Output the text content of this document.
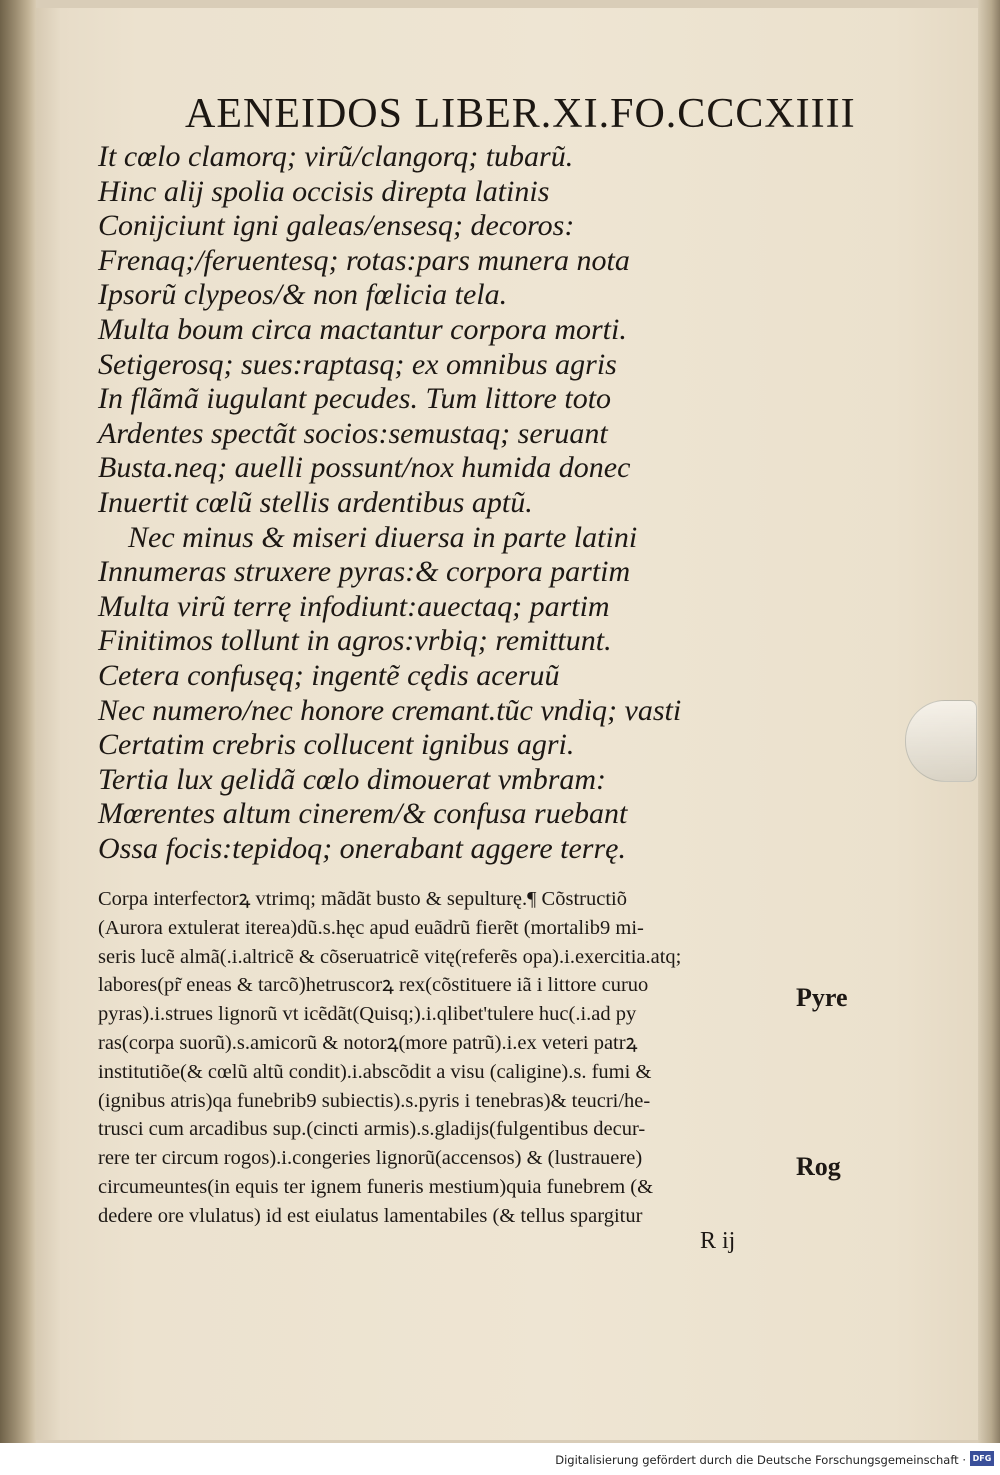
AENEIDOS LIBER.XI.FO.CCCXIIII
It cœlo clamorq; virũ/clangorq; tubarũ.
Hinc alij spolia occisis direpta latinis
Conijciunt igni galeas/ensesq; decoros:
Frenaq;/feruentesq; rotas:pars munera nota
Ipsorũ clypeos/& non fœlicia tela.
Multa boum circa mactantur corpora morti.
Setigerosq; sues:raptasq; ex omnibus agris
In flãmã iugulant pecudes. Tum littore toto
Ardentes spectãt socios:semustaq; seruant
Busta.neq; auelli possunt/nox humida donec
Inuertit cœlũ stellis ardentibus aptũ.
Nec minus & miseri diuersa in parte latini
Innumeras struxere pyras:& corpora partim
Multa virũ terrę infodiunt:auectaq; partim
Finitimos tollunt in agros:vrbiq; remittunt.
Cetera confusęq; ingentẽ cędis aceruũ
Nec numero/nec honore cremant.tũc vndiq; vasti
Certatim crebris collucent ignibus agri.
Tertia lux gelidã cœlo dimouerat vmbram:
Mœrentes altum cinerem/& confusa ruebant
Ossa focis:tepidoq; onerabant aggere terrę.
Corpa interfectorꝝ vtrimq; mãdãt busto & sepulturę.¶ Cõstructiõ
(Aurora extulerat iterea)dũ.s.hęc apud euãdrũ fierẽt (mortalib9 mi-
seris lucẽ almã(.i.altricẽ & cõseruatricẽ vitę(referẽs opa).i.exercitia.atq;
labores(pr̃ eneas & tarcõ)hetruscorꝝ rex(cõstituere iã i littore curuo
pyras).i.strues lignorũ vt icẽdãt(Quisq;).i.qlibet'tulere huc(.i.ad py
ras(corpa suorũ).s.amicorũ & notorꝝ(more patrũ).i.ex veteri patrꝝ
institutiõe(& cœlũ altũ condit).i.abscõdit a visu (caligine).s. fumi &
(ignibus atris)qa funebrib9 subiectis).s.pyris i tenebras)& teucri/he-
trusci cum arcadibus sup.(cincti armis).s.gladijs(fulgentibus decur-
rere ter circum rogos).i.congeries lignorũ(accensos) & (lustrauere)
circumeuntes(in equis ter ignem funeris mestium)quia funebrem (&
dedere ore vlulatus) id est eiulatus lamentabiles (& tellus spargitur
Pyre
Rog
R ij
Digitalisierung gefördert durch die Deutsche Forschungsgemeinschaft · DFG
